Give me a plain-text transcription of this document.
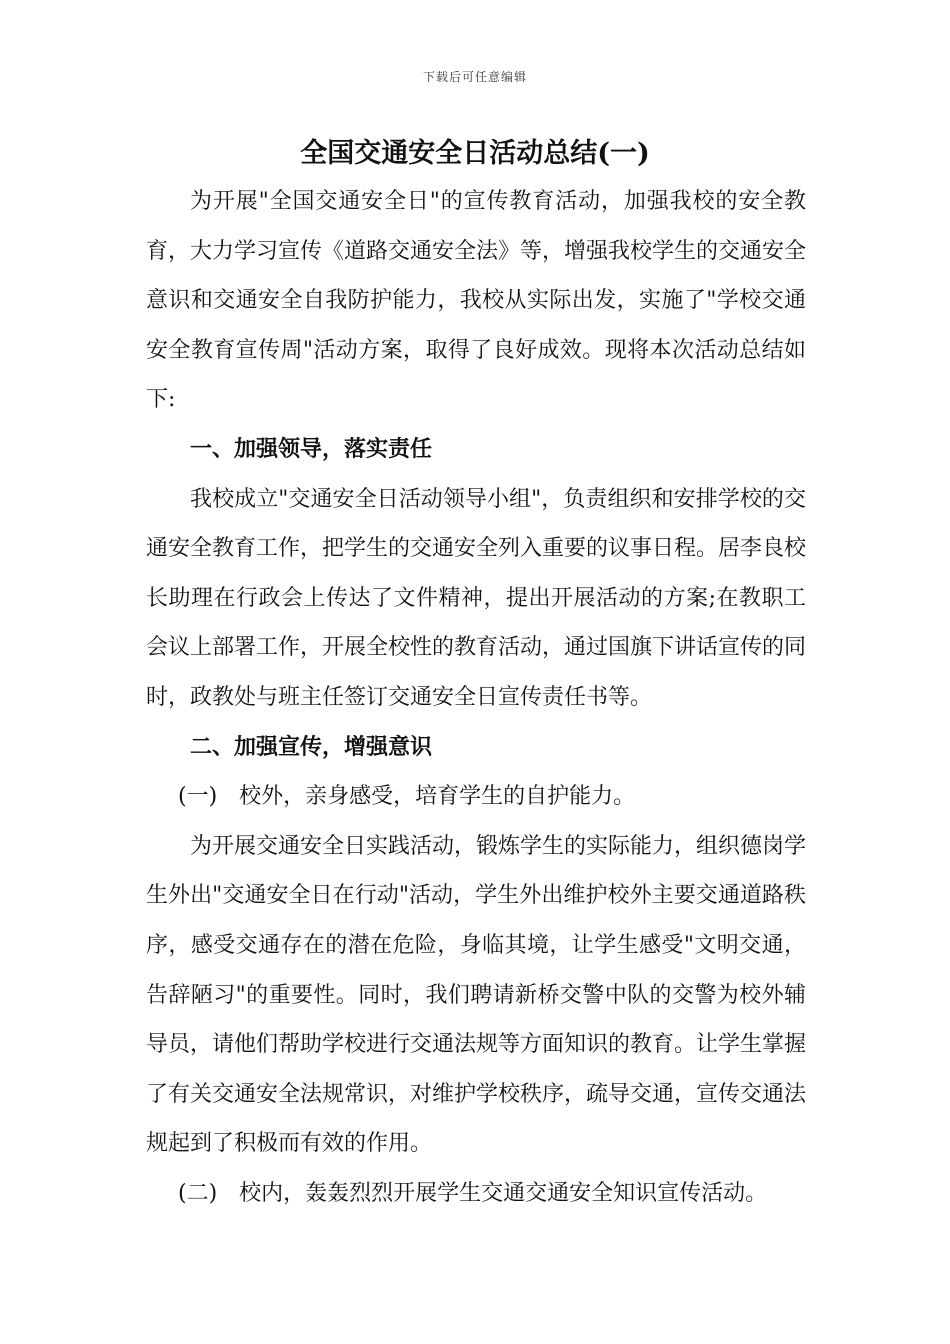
下载后可任意编辑
全国交通安全日活动总结(一)

为开展"全国交通安全日"的宣传教育活动，加强我校的安全教育，大力学习宣传《道路交通安全法》等，增强我校学生的交通安全意识和交通安全自我防护能力，我校从实际出发，实施了"学校交通安全教育宣传周"活动方案，取得了良好成效。现将本次活动总结如下:

一、加强领导，落实责任

我校成立"交通安全日活动领导小组"，负责组织和安排学校的交通安全教育工作，把学生的交通安全列入重要的议事日程。居李良校长助理在行政会上传达了文件精神，提出开展活动的方案;在教职工会议上部署工作，开展全校性的教育活动，通过国旗下讲话宣传的同时，政教处与班主任签订交通安全日宣传责任书等。

二、加强宣传，增强意识

(一)　校外，亲身感受，培育学生的自护能力。

为开展交通安全日实践活动，锻炼学生的实际能力，组织德岗学生外出"交通安全日在行动"活动，学生外出维护校外主要交通道路秩序，感受交通存在的潜在危险，身临其境，让学生感受"文明交通，告辞陋习"的重要性。同时，我们聘请新桥交警中队的交警为校外辅导员，请他们帮助学校进行交通法规等方面知识的教育。让学生掌握了有关交通安全法规常识，对维护学校秩序，疏导交通，宣传交通法规起到了积极而有效的作用。

(二)　校内，轰轰烈烈开展学生交通交通安全知识宣传活动。
